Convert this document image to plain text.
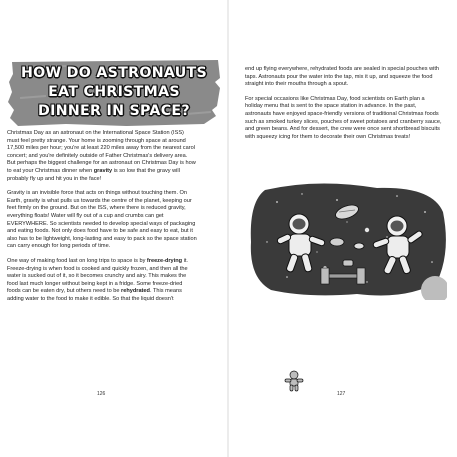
HOW DO ASTRONAUTS EAT CHRISTMAS DINNER IN SPACE?

Christmas Day as an astronaut on the International Space Station (ISS) must feel pretty strange. Your home is zooming through space at around 17,500 miles per hour; you're at least 220 miles away from the nearest carol concert; and you're definitely outside of Father Christmas's delivery area. But perhaps the biggest challenge for an astronaut on Christmas Day is how to eat your Christmas dinner when gravity is so low that the gravy will probably fly up and hit you in the face!

Gravity is an invisible force that acts on things without touching them. On Earth, gravity is what pulls us towards the centre of the planet, keeping our feet firmly on the ground. But on the ISS, where there is reduced gravity, everything floats! Water will fly out of a cup and crumbs can get EVERYWHERE. So scientists needed to develop special ways of packaging and eating foods. Not only does food have to be safe and easy to eat, but it also has to be lightweight, long-lasting and easy to pack so the space station can carry enough for long periods of time.

One way of making food last on long trips to space is by freeze-drying it. Freeze-drying is when food is cooked and quickly frozen, and then all the water is sucked out of it, so it becomes crunchy and airy. This makes the food last much longer without being kept in a fridge. Some freeze-dried foods can be eaten dry, but others need to be rehydrated. This means adding water to the food to make it edible. So that the liquid doesn't

126

end up flying everywhere, rehydrated foods are sealed in special pouches with taps. Astronauts pour the water into the tap, mix it up, and squeeze the food straight into their mouths through a spout.

For special occasions like Christmas Day, food scientists on Earth plan a holiday menu that is sent to the space station in advance. In the past, astronauts have enjoyed space-friendly versions of traditional Christmas foods such as smoked turkey slices, pouches of sweet potatoes and cranberry sauce, and green beans. And for dessert, the crew were once sent shortbread biscuits with squeezy icing for them to decorate their own Christmas treats!

127
